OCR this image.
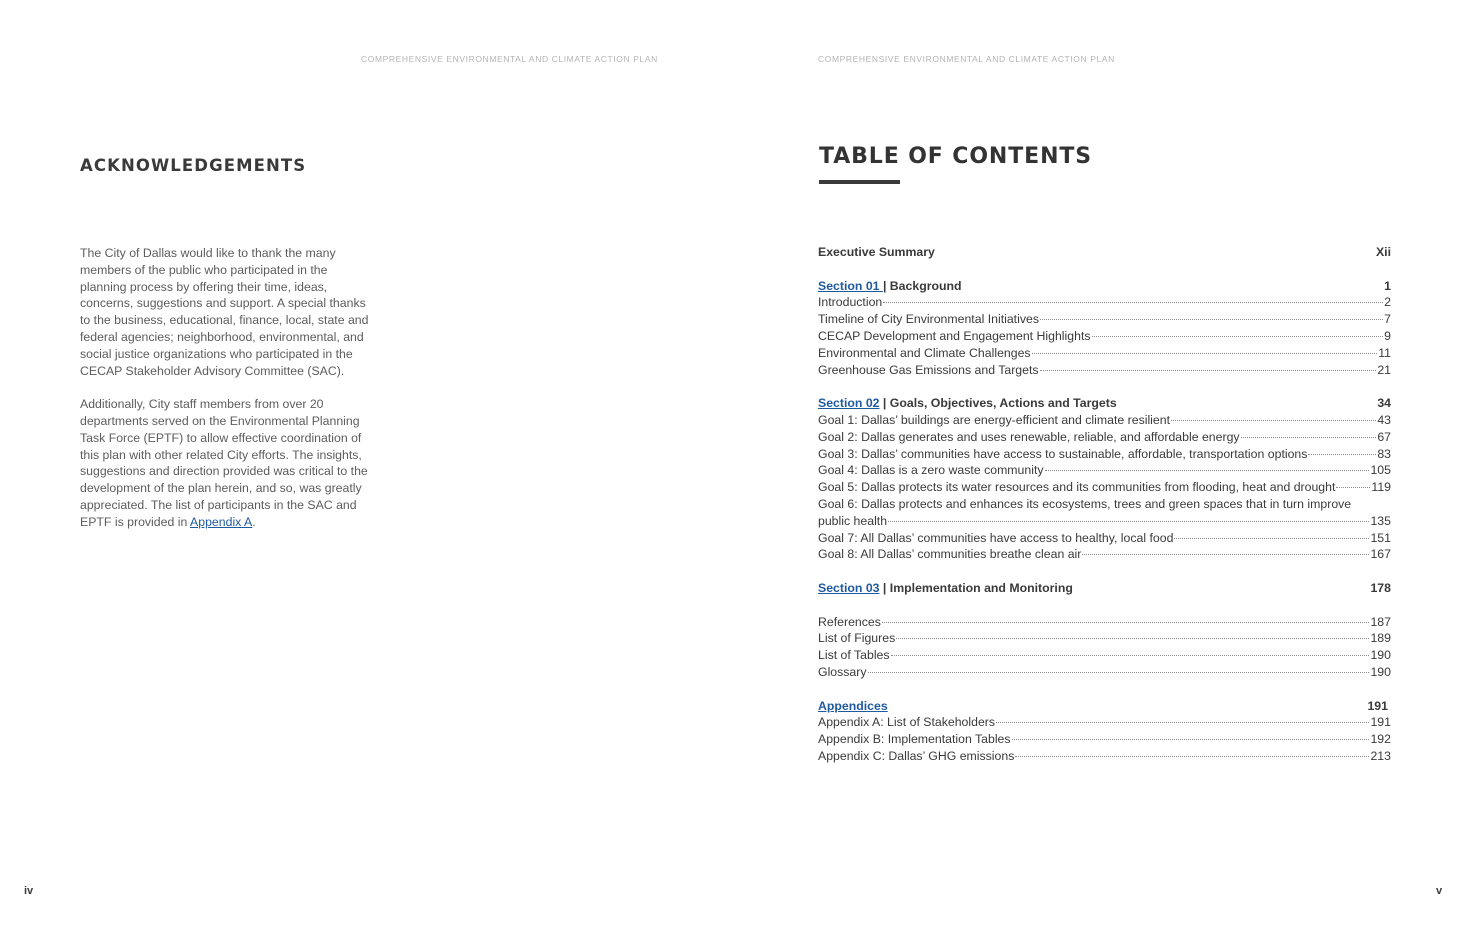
COMPREHENSIVE ENVIRONMENTAL AND CLIMATE ACTION PLAN
ACKNOWLEDGEMENTS

The City of Dallas would like to thank the many members of the public who participated in the planning process by offering their time, ideas, concerns, suggestions and support. A special thanks to the business, educational, finance, local, state and federal agencies; neighborhood, environmental, and social justice organizations who participated in the CECAP Stakeholder Advisory Committee (SAC).

Additionally, City staff members from over 20 departments served on the Environmental Planning Task Force (EPTF) to allow effective coordination of this plan with other related City efforts. The insights, suggestions and direction provided was critical to the development of the plan herein, and so, was greatly appreciated. The list of participants in the SAC and EPTF is provided in Appendix A.

iv
COMPREHENSIVE ENVIRONMENTAL AND CLIMATE ACTION PLAN
TABLE OF CONTENTS
Executive Summary	Xii
Section 01 | Background	1
Introduction	2
Timeline of City Environmental Initiatives	7
CECAP Development and Engagement Highlights	9
Environmental and Climate Challenges	11
Greenhouse Gas Emissions and Targets	21
Section 02 | Goals, Objectives, Actions and Targets	34
Goal 1: Dallas’ buildings are energy-efficient and climate resilient	43
Goal 2: Dallas generates and uses renewable, reliable, and affordable energy	67
Goal 3: Dallas’ communities have access to sustainable, affordable, transportation options	83
Goal 4: Dallas is a zero waste community	105
Goal 5: Dallas protects its water resources and its communities from flooding, heat and drought	119
Goal 6: Dallas protects and enhances its ecosystems, trees and green spaces that in turn improve
public health	135
Goal 7: All Dallas’ communities have access to healthy, local food	151
Goal 8: All Dallas’ communities breathe clean air	167
Section 03 | Implementation and Monitoring	178
References	187
List of Figures	189
List of Tables	190
Glossary	190
Appendices	191
Appendix A: List of Stakeholders	191
Appendix B: Implementation Tables	192
Appendix C: Dallas’ GHG emissions	213
v
